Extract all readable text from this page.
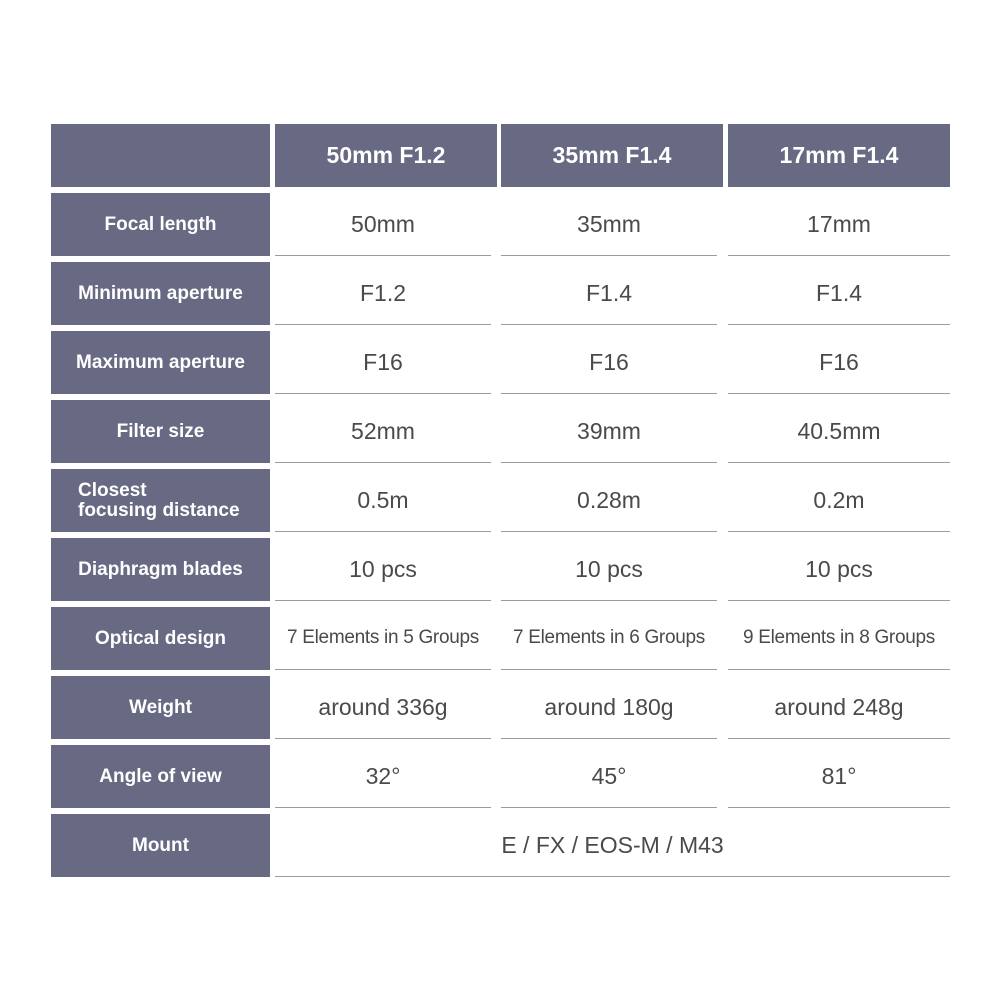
50mm F1.2	35mm F1.4	17mm F1.4
Focal length	50mm	35mm	17mm
Minimum aperture	F1.2	F1.4	F1.4
Maximum aperture	F16	F16	F16
Filter size	52mm	39mm	40.5mm
Closest
focusing distance	0.5m	0.28m	0.2m
Diaphragm blades	10 pcs	10 pcs	10 pcs
Optical design	7 Elements in 5 Groups	7 Elements in 6 Groups	9 Elements in 8 Groups
Weight	around 336g	around 180g	around 248g
Angle of view	32°	45°	81°
Mount	E / FX / EOS-M / M43
